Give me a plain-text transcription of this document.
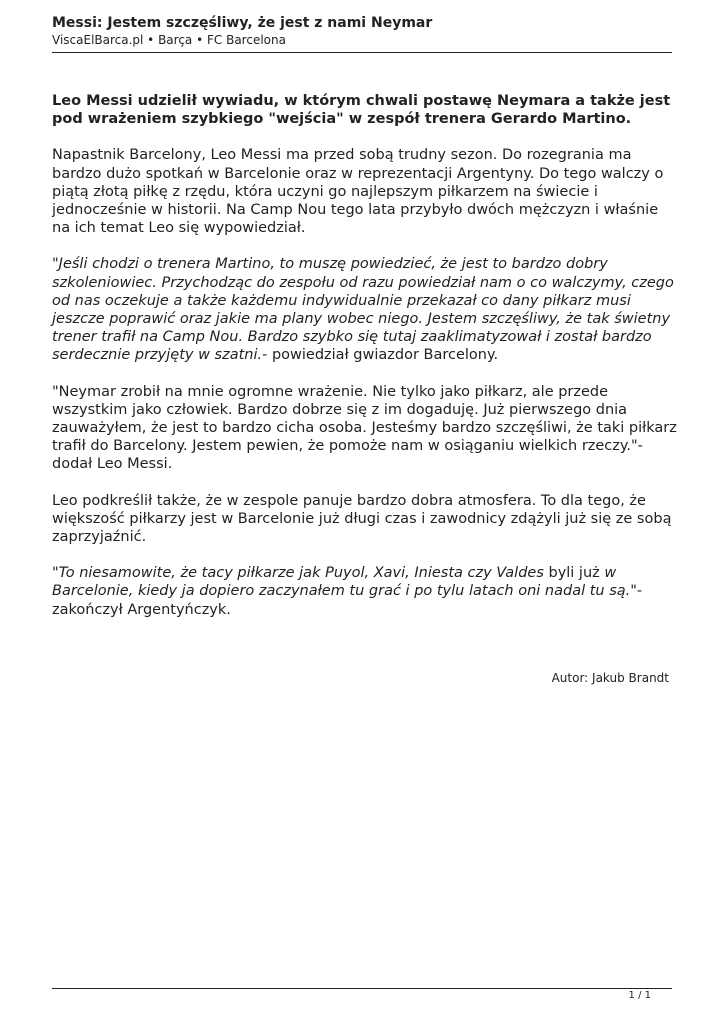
Messi: Jestem szczęśliwy, że jest z nami Neymar
ViscaElBarca.pl • Barça • FC Barcelona

Leo Messi udzielił wywiadu, w którym chwali postawę Neymara a także jest pod wrażeniem szybkiego "wejścia" w zespół trenera Gerardo Martino.

Napastnik Barcelony, Leo Messi ma przed sobą trudny sezon. Do rozegrania ma bardzo dużo spotkań w Barcelonie oraz w reprezentacji Argentyny. Do tego walczy o piątą złotą piłkę z rzędu, która uczyni go najlepszym piłkarzem na świecie i jednocześnie w historii. Na Camp Nou tego lata przybyło dwóch mężczyzn i właśnie na ich temat Leo się wypowiedział.

"Jeśli chodzi o trenera Martino, to muszę powiedzieć, że jest to bardzo dobry szkoleniowiec. Przychodząc do zespołu od razu powiedział nam o co walczymy, czego od nas oczekuje a także każdemu indywidualnie przekazał co dany piłkarz musi jeszcze poprawić oraz jakie ma plany wobec niego. Jestem szczęśliwy, że tak świetny trener trafił na Camp Nou. Bardzo szybko się tutaj zaaklimatyzował i został bardzo serdecznie przyjęty w szatni.- powiedział gwiazdor Barcelony.

"Neymar zrobił na mnie ogromne wrażenie. Nie tylko jako piłkarz, ale przede wszystkim jako człowiek. Bardzo dobrze się z im dogaduję. Już pierwszego dnia zauważyłem, że jest to bardzo cicha osoba. Jesteśmy bardzo szczęśliwi, że taki piłkarz trafił do Barcelony. Jestem pewien, że pomoże nam w osiąganiu wielkich rzeczy."- dodał Leo Messi.

Leo podkreślił także, że w zespole panuje bardzo dobra atmosfera. To dla tego, że większość piłkarzy jest w Barcelonie już długi czas i zawodnicy zdążyli już się ze sobą zaprzyjaźnić.

"To niesamowite, że tacy piłkarze jak Puyol, Xavi, Iniesta czy Valdes byli już w Barcelonie, kiedy ja dopiero zaczynałem tu grać i po tylu latach oni nadal tu są."- zakończył Argentyńczyk.

Autor: Jakub Brandt
1 / 1
